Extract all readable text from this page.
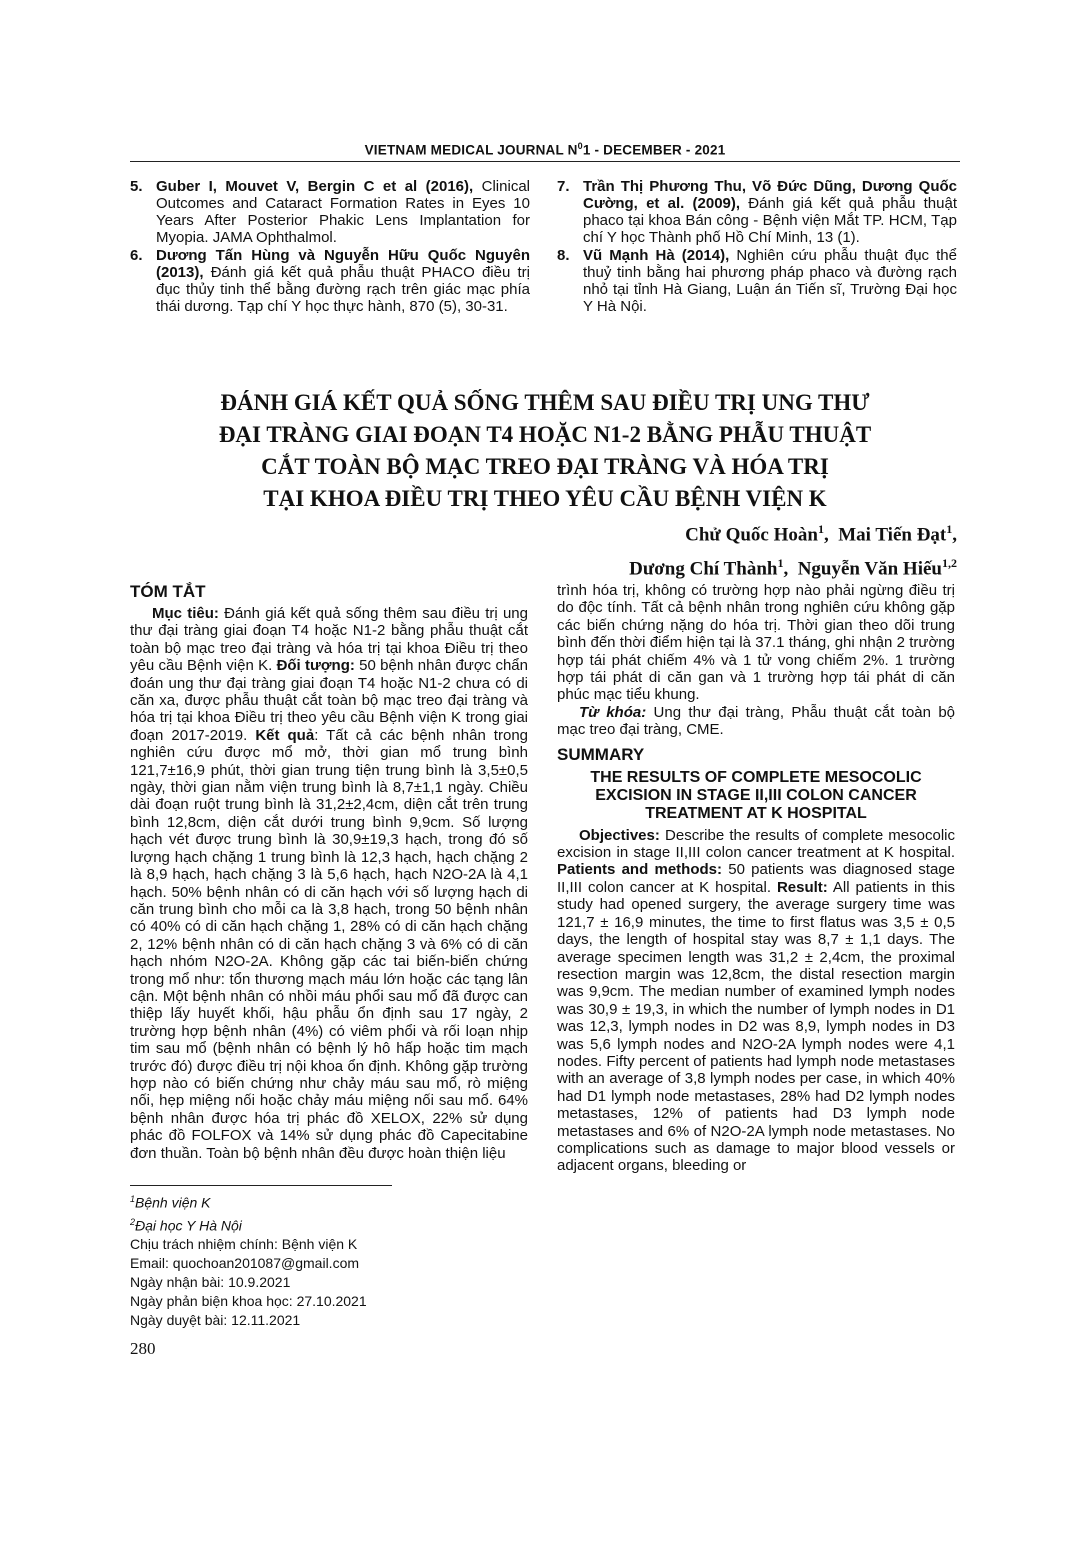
VIETNAM MEDICAL JOURNAL $N^01$ - DECEMBER - 2021
5. Guber I, Mouvet V, Bergin C et al (2016), Clinical Outcomes and Cataract Formation Rates in Eyes 10 Years After Posterior Phakic Lens Implantation for Myopia. JAMA Ophthalmol.
6. Dương Tấn Hùng và Nguyễn Hữu Quốc Nguyên (2013), Đánh giá kết quả phẫu thuật PHACO điều trị đục thủy tinh thể bằng đường rạch trên giác mạc phía thái dương. Tạp chí Y học thực hành, 870 (5), 30-31.
7. Trần Thị Phương Thu, Võ Đức Dũng, Dương Quốc Cường, et al. (2009), Đánh giá kết quả phẫu thuật phaco tại khoa Bán công - Bệnh viện Mắt TP. HCM, Tạp chí Y học Thành phố Hồ Chí Minh, 13 (1).
8. Vũ Mạnh Hà (2014), Nghiên cứu phẫu thuật đục thể thuỷ tinh bằng hai phương pháp phaco và đường rạch nhỏ tại tỉnh Hà Giang, Luận án Tiến sĩ, Trường Đại học Y Hà Nội.
ĐÁNH GIÁ KẾT QUẢ SỐNG THÊM SAU ĐIỀU TRỊ UNG THƯ
ĐẠI TRÀNG GIAI ĐOẠN T4 HOẶC N1-2 BẰNG PHẪU THUẬT
CẮT TOÀN BỘ MẠC TREO ĐẠI TRÀNG VÀ HÓA TRỊ
TẠI KHOA ĐIỀU TRỊ THEO YÊU CẦU BỆNH VIỆN K
Chử Quốc Hoàn$^1$,  Mai Tiến Đạt$^1$,
Dương Chí Thành$^1$,  Nguyễn Văn Hiếu$^{1,2}$
TÓM TẮT

Mục tiêu: Đánh giá kết quả sống thêm sau điều trị ung thư đại tràng giai đoạn T4 hoặc N1-2 bằng phẫu thuật cắt toàn bộ mạc treo đại tràng và hóa trị tại khoa Điều trị theo yêu cầu Bệnh viện K. Đối tượng: 50 bệnh nhân được chẩn đoán ung thư đại tràng giai đoạn T4 hoặc N1-2 chưa có di căn xa, được phẫu thuật cắt toàn bộ mạc treo đại tràng và hóa trị tại khoa Điều trị theo yêu cầu Bệnh viện K trong giai đoạn 2017-2019. Kết quả: Tất cả các bệnh nhân trong nghiên cứu được mổ mở, thời gian mổ trung bình 121,7±16,9 phút, thời gian trung tiện trung bình là 3,5±0,5 ngày, thời gian nằm viện trung bình là 8,7±1,1 ngày. Chiều dài đoạn ruột trung bình là 31,2±2,4cm, diện cắt trên trung bình 12,8cm, diện cắt dưới trung bình 9,9cm. Số lượng hạch vét được trung bình là 30,9±19,3 hạch, trong đó số lượng hạch chặng 1 trung bình là 12,3 hạch, hạch chặng 2 là 8,9 hạch, hạch chặng 3 là 5,6 hạch, hạch N2O-2A là 4,1 hạch. 50% bệnh nhân có di căn hạch với số lượng hạch di căn trung bình cho mỗi ca là 3,8 hạch, trong 50 bệnh nhân có 40% có di căn hạch chặng 1, 28% có di căn hạch chặng 2, 12% bệnh nhân có di căn hạch chặng 3 và 6% có di căn hạch nhóm N2O-2A. Không gặp các tai biến-biến chứng trong mổ như: tổn thương mạch máu lớn hoặc các tạng lân cận. Một bệnh nhân có nhồi máu phổi sau mổ đã được can thiệp lấy huyết khối, hậu phẫu ổn định sau 17 ngày, 2 trường hợp bệnh nhân (4%) có viêm phổi và rối loạn nhịp tim sau mổ (bệnh nhân có bệnh lý hô hấp hoặc tim mạch trước đó) được điều trị nội khoa ổn định. Không gặp trường hợp nào có biến chứng như chảy máu sau mổ, rò miệng nối, hẹp miệng nối hoặc chảy máu miệng nối sau mổ. 64% bệnh nhân được hóa trị phác đồ XELOX, 22% sử dụng phác đồ FOLFOX và 14% sử dụng phác đồ Capecitabine đơn thuần. Toàn bộ bệnh nhân đều được hoàn thiện liệu

$^1$Bệnh viện K

$^2$Đại học Y Hà Nội

Chịu trách nhiệm chính: Bệnh viện K

Email: quochoan201087@gmail.com

Ngày nhận bài: 10.9.2021

Ngày phản biện khoa học: 27.10.2021

Ngày duyệt bài: 12.11.2021

trình hóa trị, không có trường hợp nào phải ngừng điều trị do độc tính. Tất cả bệnh nhân trong nghiên cứu không gặp các biến chứng nặng do hóa trị. Thời gian theo dõi trung bình đến thời điểm hiện tại là 37.1 tháng, ghi nhận 2 trường hợp tái phát chiếm 4% và 1 tử vong chiếm 2%. 1 trường hợp tái phát di căn gan và 1 trường hợp tái phát di căn phúc mạc tiểu khung.

Từ khóa: Ung thư đại tràng, Phẫu thuật cắt toàn bộ mạc treo đại tràng, CME.

SUMMARY
THE RESULTS OF COMPLETE MESOCOLIC
EXCISION IN STAGE II,III COLON CANCER
TREATMENT AT K HOSPITAL

Objectives: Describe the results of complete mesocolic excision in stage II,III colon cancer treatment at K hospital. Patients and methods: 50 patients was diagnosed stage II,III colon cancer at K hospital. Result: All patients in this study had opened surgery, the average surgery time was 121,7 ± 16,9 minutes, the time to first flatus was 3,5 ± 0,5 days, the length of hospital stay was 8,7 ± 1,1 days. The average specimen length was 31,2 ± 2,4cm, the proximal resection margin was 12,8cm, the distal resection margin was 9,9cm. The median number of examined lymph nodes was 30,9 ± 19,3, in which the number of lymph nodes in D1 was 12,3, lymph nodes in D2 was 8,9, lymph nodes in D3 was 5,6 lymph nodes and N2O-2A lymph nodes were 4,1 nodes. Fifty percent of patients had lymph node metastases with an average of 3,8 lymph nodes per case, in which 40% had D1 lymph node metastases, 28% had D2 lymph nodes metastases, 12% of patients had D3 lymph node metastases and 6% of N2O-2A lymph node metastases. No complications such as damage to major blood vessels or adjacent organs, bleeding or

280
